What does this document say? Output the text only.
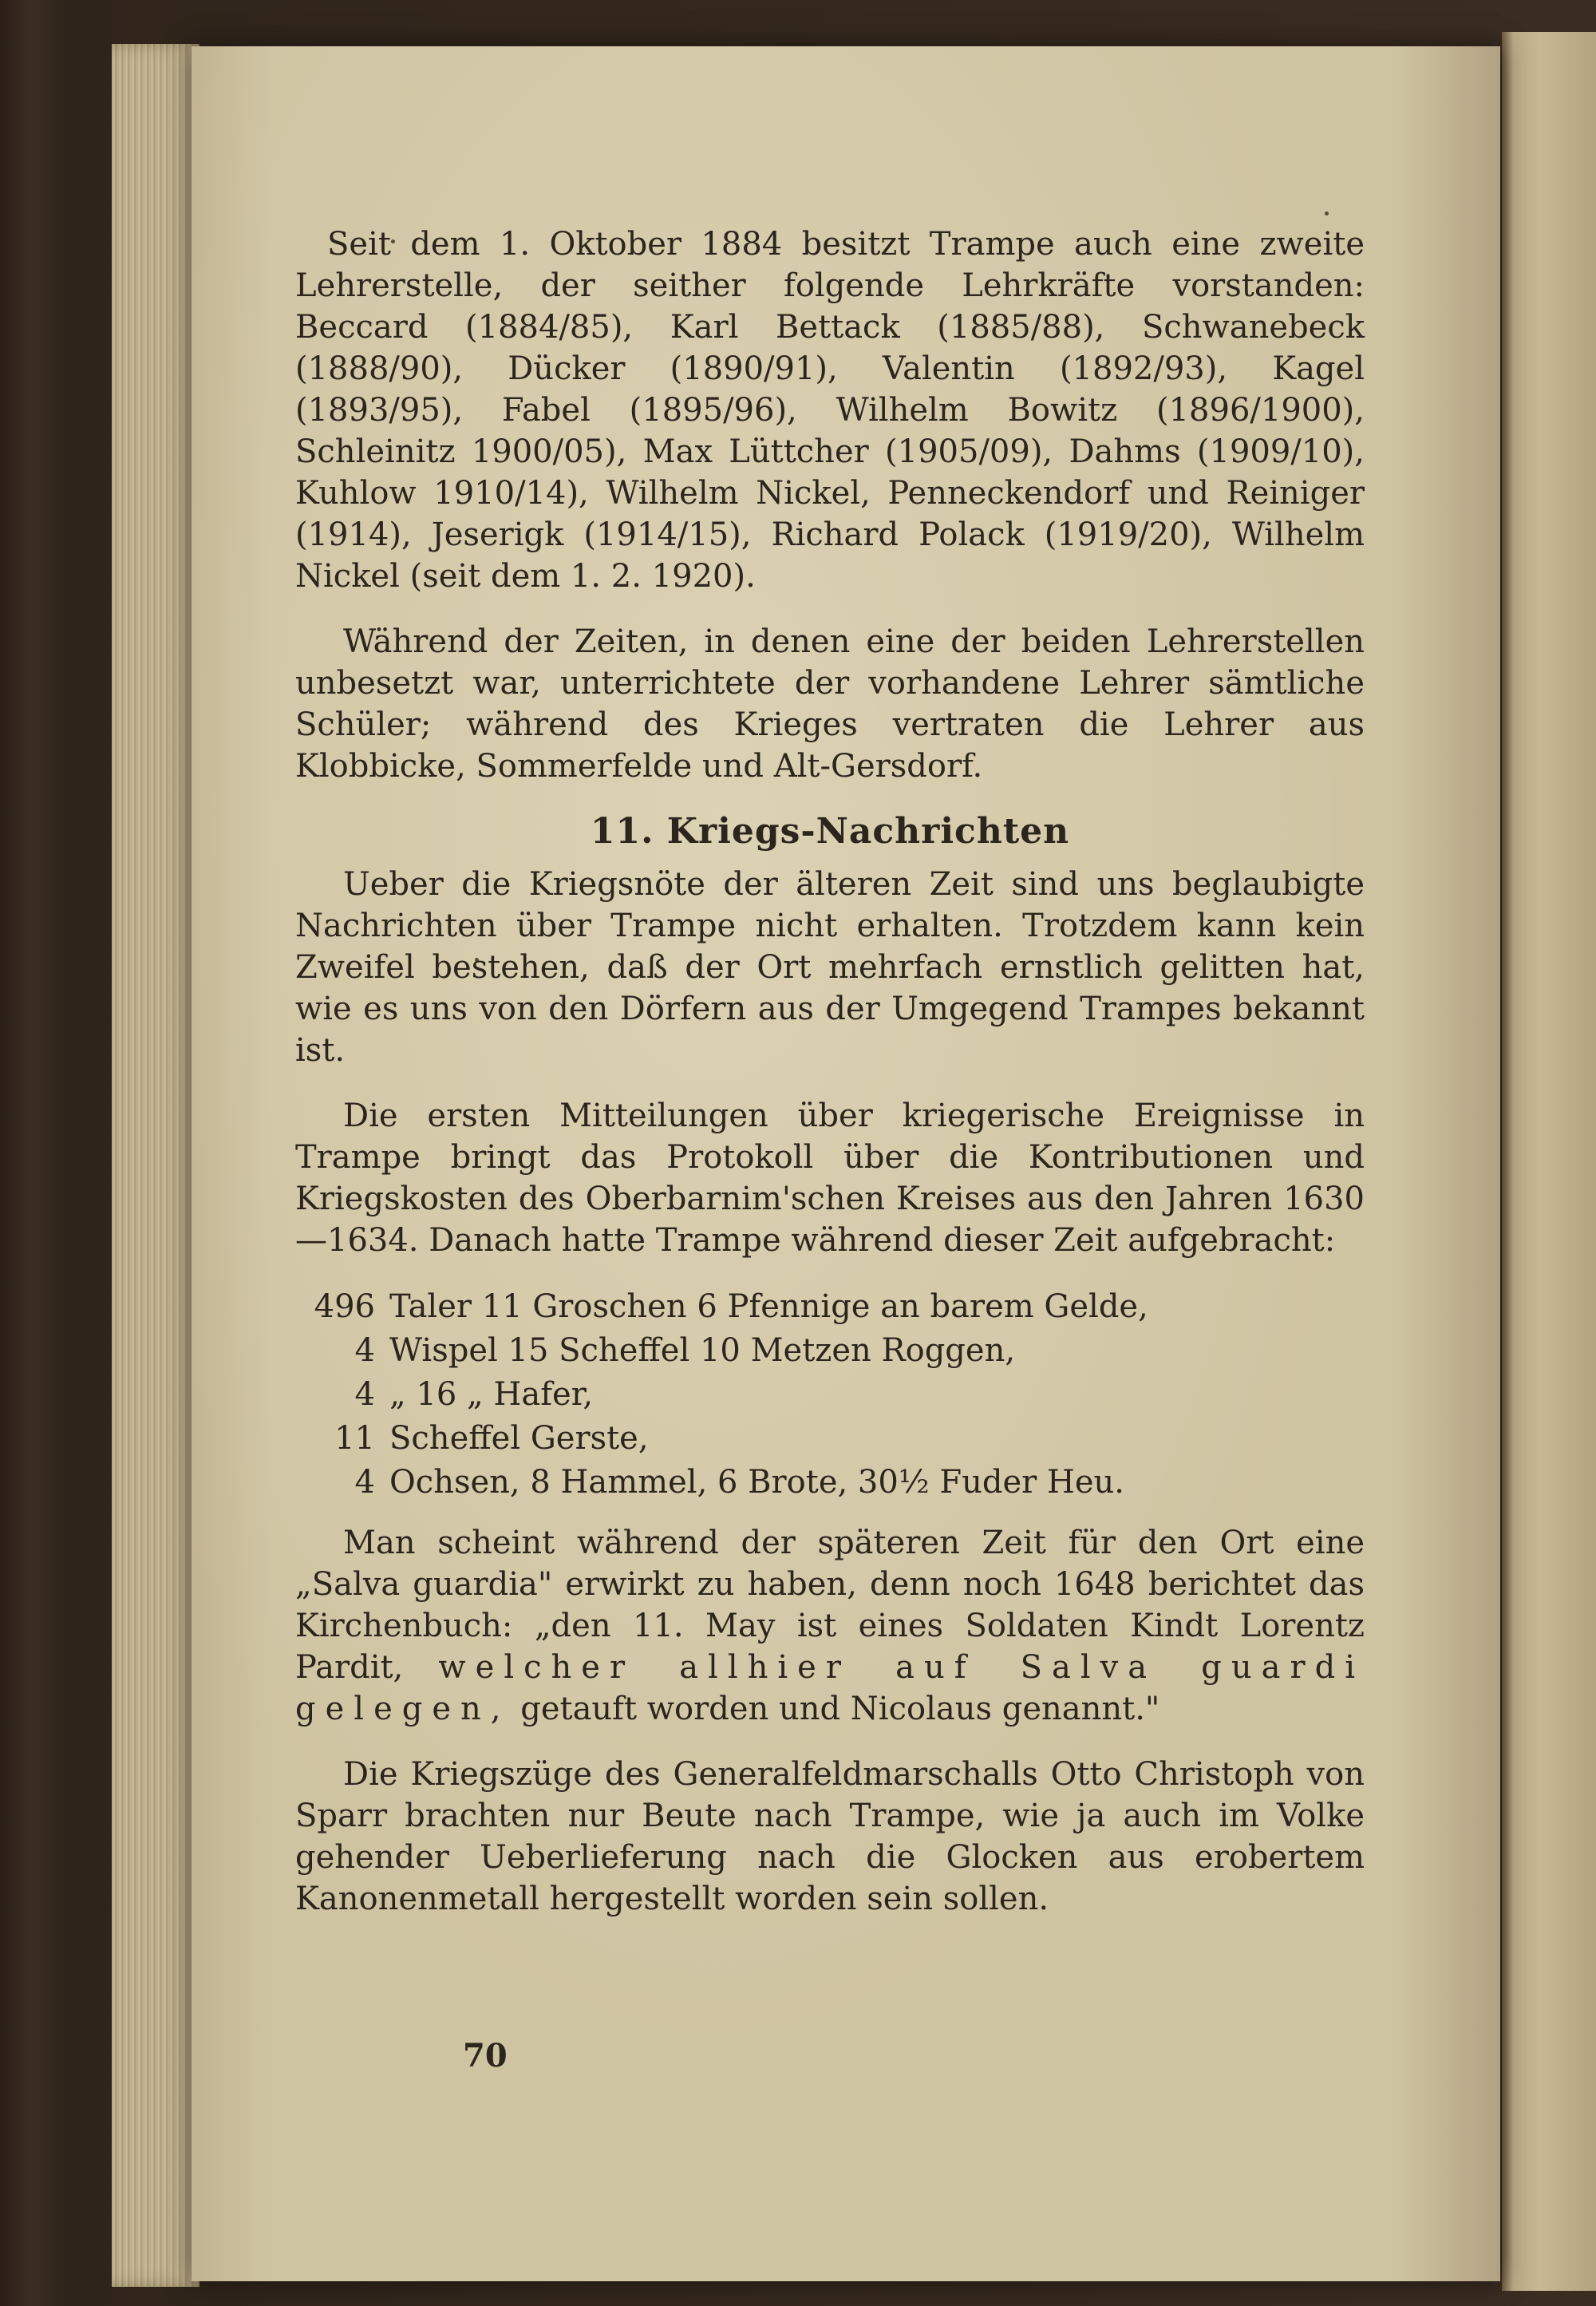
Seit dem 1. Oktober 1884 besitzt Trampe auch eine zweite Lehrerstelle, der seither folgende Lehrkräfte vorstanden: Beccard (1884/85), Karl Bettack (1885/88), Schwanebeck (1888/90), Dücker (1890/91), Valentin (1892/93), Kagel (1893/95), Fabel (1895/96), Wilhelm Bowitz (1896/1900), Schleinitz 1900/05), Max Lüttcher (1905/09), Dahms (1909/10), Kuhlow 1910/14), Wilhelm Nickel, Penneckendorf und Reiniger (1914), Jeserigk (1914/15), Richard Polack (1919/20), Wilhelm Nickel (seit dem 1. 2. 1920).

Während der Zeiten, in denen eine der beiden Lehrerstellen unbesetzt war, unterrichtete der vorhandene Lehrer sämtliche Schüler; während des Krieges vertraten die Lehrer aus Klobbicke, Sommerfelde und Alt-Gersdorf.

11. Kriegs-Nachrichten

Ueber die Kriegsnöte der älteren Zeit sind uns beglaubigte Nachrichten über Trampe nicht erhalten. Trotzdem kann kein Zweifel bestehen, daß der Ort mehrfach ernstlich gelitten hat, wie es uns von den Dörfern aus der Umgegend Trampes bekannt ist.

Die ersten Mitteilungen über kriegerische Ereignisse in Trampe bringt das Protokoll über die Kontributionen und Kriegskosten des Oberbarnim'schen Kreises aus den Jahren 1630—1634. Danach hatte Trampe während dieser Zeit aufgebracht:

496 Taler 11 Groschen 6 Pfennige an barem Gelde,
4 Wispel 15 Scheffel 10 Metzen Roggen,
4 „ 16 „ Hafer,
11 Scheffel Gerste,
4 Ochsen, 8 Hammel, 6 Brote, 30½ Fuder Heu.

Man scheint während der späteren Zeit für den Ort eine „Salva guardia" erwirkt zu haben, denn noch 1648 berichtet das Kirchenbuch: „den 11. May ist eines Soldaten Kindt Lorentz Pardit, welcher allhier auf Salva guardi gelegen, getauft worden und Nicolaus genannt."

Die Kriegszüge des Generalfeldmarschalls Otto Christoph von Sparr brachten nur Beute nach Trampe, wie ja auch im Volke gehender Ueberlieferung nach die Glocken aus erobertem Kanonenmetall hergestellt worden sein sollen.

70
